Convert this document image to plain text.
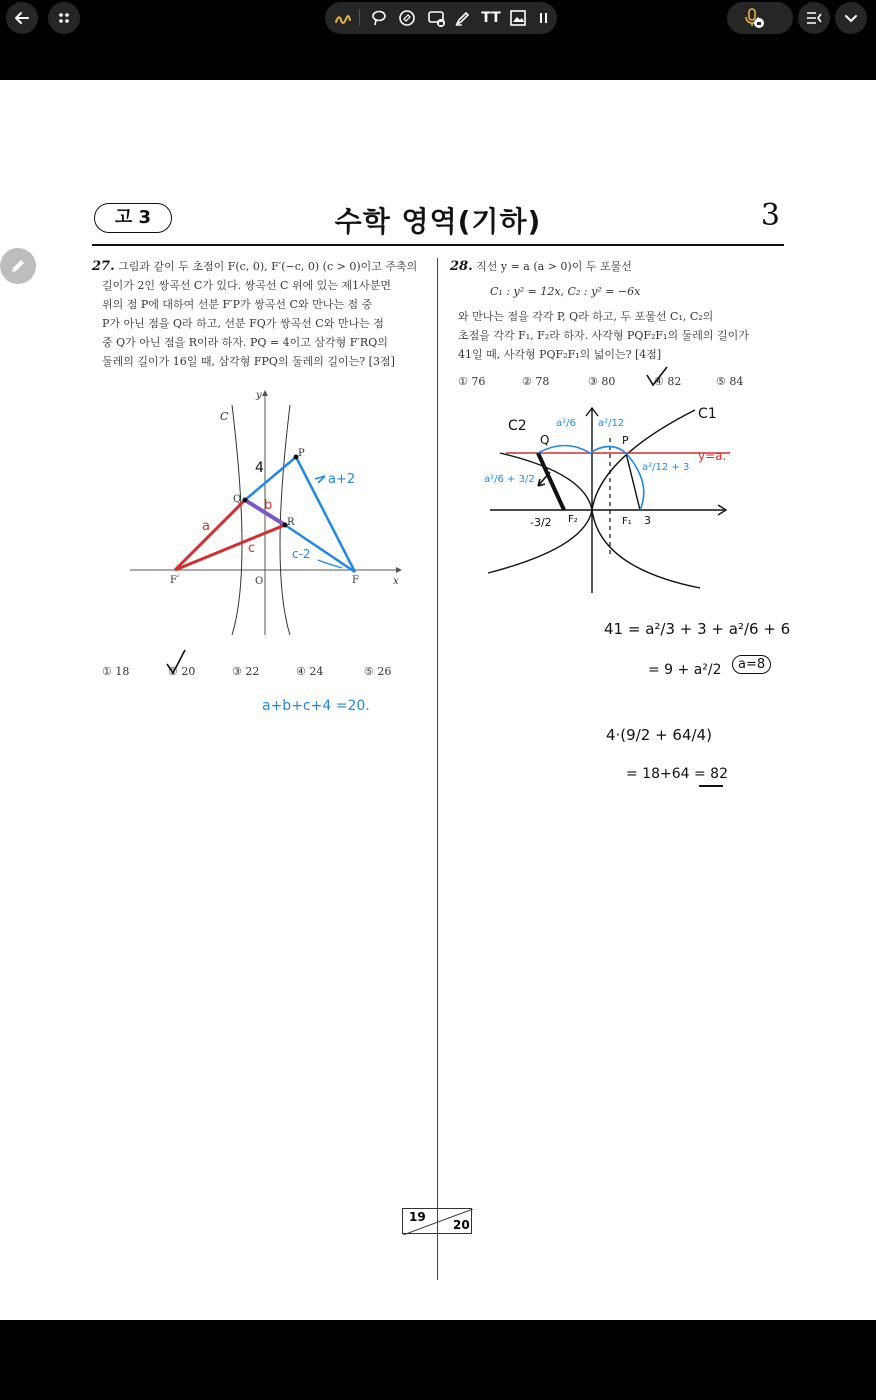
TT
고 3	수학 영역(기하)	3
27. 그림과 같이 두 초점이 F(c, 0), F′(−c, 0) (c > 0)이고 주축의
길이가 2인 쌍곡선 C가 있다. 쌍곡선 C 위에 있는 제1사분면
위의 점 P에 대하여 선분 F′P가 쌍곡선 C와 만나는 점 중
P가 아닌 점을 Q라 하고, 선분 FQ가 쌍곡선 C와 만나는 점
중 Q가 아닌 점을 R이라 하자. PQ = 4이고 삼각형 F′RQ의
둘레의 길이가 16일 때, 삼각형 FPQ의 둘레의 길이는? [3점]
C
y
x
P
Q
R
F
F′	O
4
a+2
a
b
c	c-2
① 18	② 20	③ 22	④ 24	⑤ 26
a+b+c+4 =20.
28. 직선 y = a (a > 0)이 두 포물선
C₁ : y² = 12x, C₂ : y² = −6x
와 만나는 점을 각각 P, Q라 하고, 두 포물선 C₁, C₂의
초점을 각각 F₁, F₂라 하자. 사각형 PQF₂F₁의 둘레의 길이가
41일 때, 사각형 PQF₂F₁의 넓이는? [4점]
① 76	② 78	③ 80	④ 82	⑤ 84
C2
C1
Q	P
y=a.
a²/6 a²/12
a²/6 + 3/2
a²/12 + 3
-3/2 F₂	F₁ 3
41 = a²/3 + 3 + a²/6 + 6
= 9 + a²/2	a=8
4·(9/2 + 64/4)
= 18+64 = 82
19
20
